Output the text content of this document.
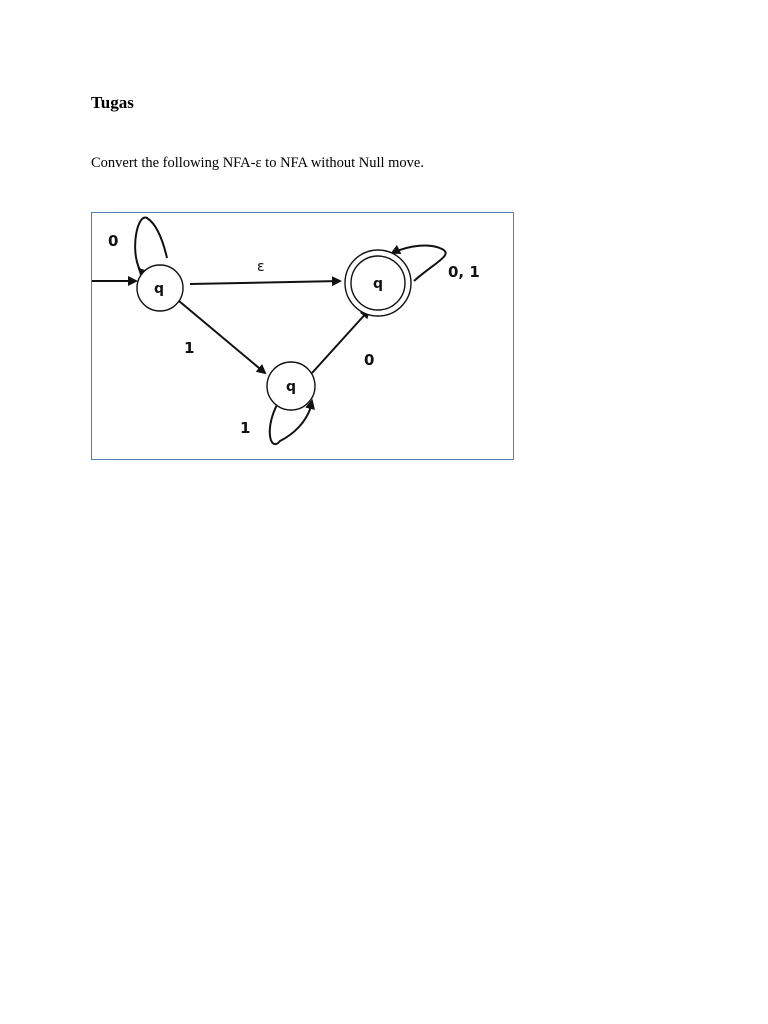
Tugas

Convert the following NFA-ε to NFA without Null move.

q
q
q
0
ε
1
1
0
0, 1
